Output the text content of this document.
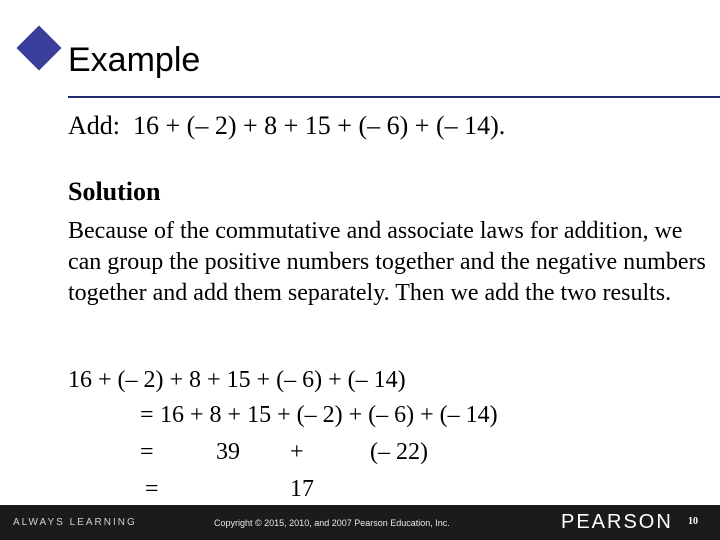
Example
Add:  16 + (– 2) + 8 + 15 + (– 6) + (– 14).
Solution
Because of the commutative and associate laws for addition, we can group the positive numbers together and the negative numbers together and add them separately. Then we add the two results.
16 + (– 2) + 8 + 15 + (– 6) + (– 14)
= 16 + 8 + 15 + (– 2) + (– 6) + (– 14)
=	39 +	(– 22)
=	17
ALWAYS LEARNING	Copyright © 2015, 2010, and 2007 Pearson Education, Inc.	PEARSON 10
